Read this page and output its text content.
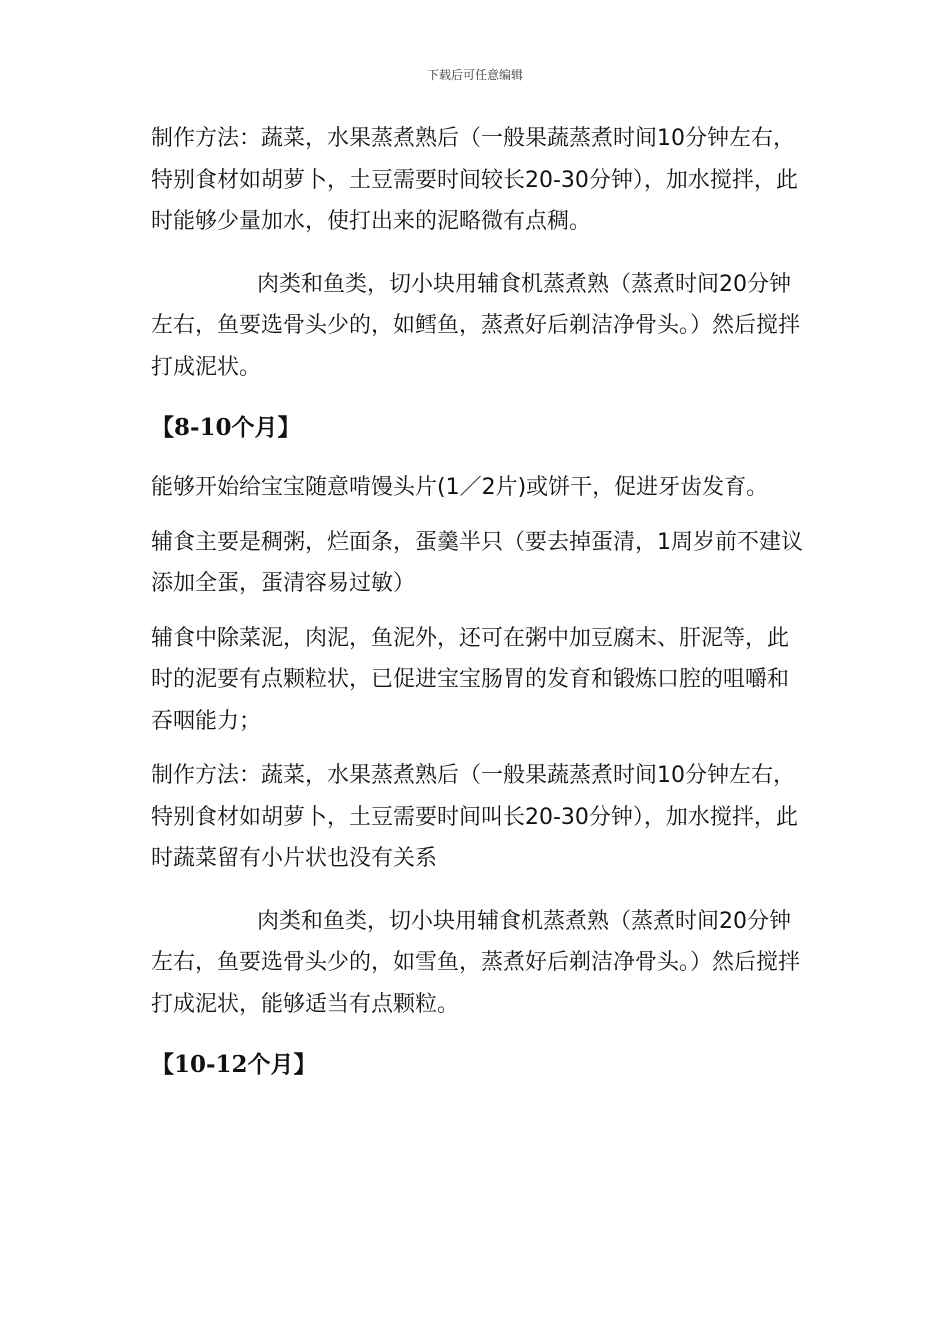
下载后可任意编辑

制作方法：蔬菜，水果蒸煮熟后（一般果蔬蒸煮时间10分钟左右，特别食材如胡萝卜，土豆需要时间较长20-30分钟），加水搅拌，此时能够少量加水，使打出来的泥略微有点稠。

肉类和鱼类，切小块用辅食机蒸煮熟（蒸煮时间20分钟左右，鱼要选骨头少的，如鳕鱼，蒸煮好后剃洁净骨头。）然后搅拌打成泥状。

【8-10个月】

能够开始给宝宝随意啃馒头片(1／2片)或饼干，促进牙齿发育。

辅食主要是稠粥，烂面条，蛋羹半只（要去掉蛋清，1周岁前不建议添加全蛋，蛋清容易过敏）

辅食中除菜泥，肉泥，鱼泥外，还可在粥中加豆腐末、肝泥等，此时的泥要有点颗粒状，已促进宝宝肠胃的发育和锻炼口腔的咀嚼和吞咽能力；

制作方法：蔬菜，水果蒸煮熟后（一般果蔬蒸煮时间10分钟左右，特别食材如胡萝卜，土豆需要时间叫长20-30分钟），加水搅拌，此时蔬菜留有小片状也没有关系

肉类和鱼类，切小块用辅食机蒸煮熟（蒸煮时间20分钟左右，鱼要选骨头少的，如雪鱼，蒸煮好后剃洁净骨头。）然后搅拌打成泥状，能够适当有点颗粒。

【10-12个月】
